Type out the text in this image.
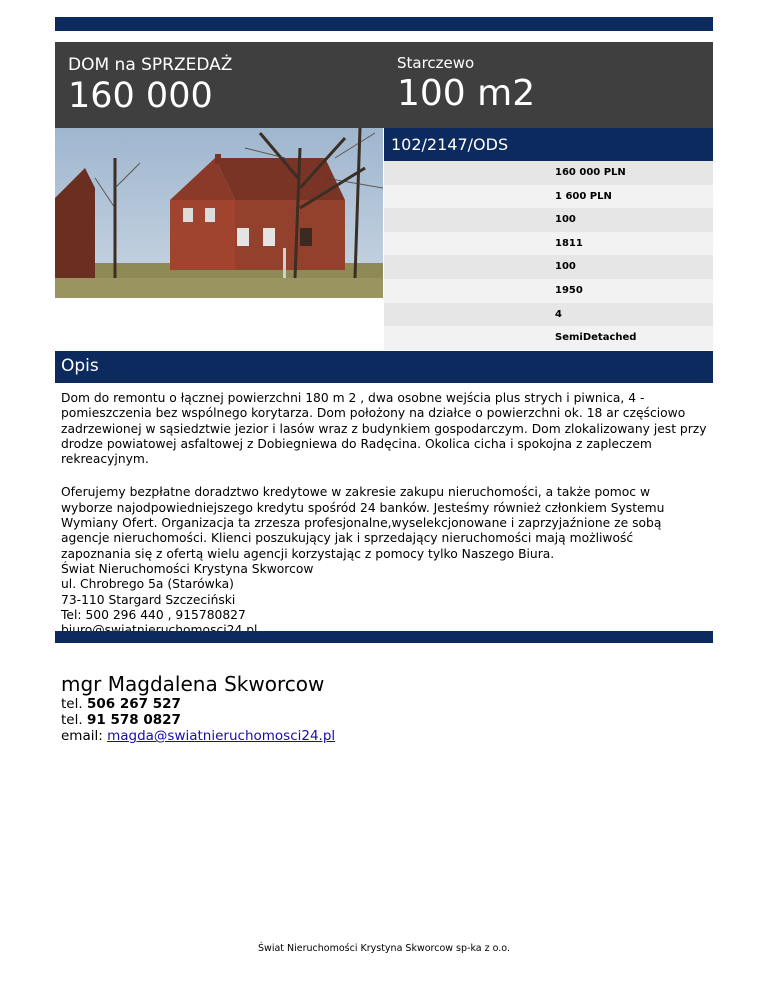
DOM na SPRZEDAŻ
160 000
Starczewo
100 m2
102/2147/ODS
160 000 PLN
1 600 PLN
100
1811
100
1950
4
SemiDetached
Opis

Dom do remontu o łącznej powierzchni 180 m 2 , dwa osobne wejścia plus strych i piwnica, 4 - pomieszczenia bez wspólnego korytarza. Dom położony na działce o powierzchni ok. 18 ar częściowo zadrzewionej w sąsiedztwie jezior i lasów wraz z budynkiem gospodarczym. Dom zlokalizowany jest przy drodze powiatowej asfaltowej z Dobiegniewa do Radęcina. Okolica cicha i spokojna z zapleczem rekreacyjnym.

Oferujemy bezpłatne doradztwo kredytowe w zakresie zakupu nieruchomości, a także pomoc w

wyborze najodpowiedniejszego kredytu spośród 24 banków. Jesteśmy również członkiem Systemu

Wymiany Ofert. Organizacja ta zrzesza profesjonalne,wyselekcjonowane i zaprzyjaźnione ze sobą

agencje nieruchomości. Klienci poszukujący jak i sprzedający nieruchomości mają możliwość

zapoznania się z ofertą wielu agencji korzystając z pomocy tylko Naszego Biura.

Świat Nieruchomości Krystyna Skworcow

ul. Chrobrego 5a (Starówka)

73-110 Stargard Szczeciński

Tel: 500 296 440 , 915780827

mgr Magdalena Skworcow
tel. 506 267 527
tel. 91 578 0827
email: magda@swiatnieruchomosci24.pl
Świat Nieruchomości Krystyna Skworcow sp-ka z o.o.
